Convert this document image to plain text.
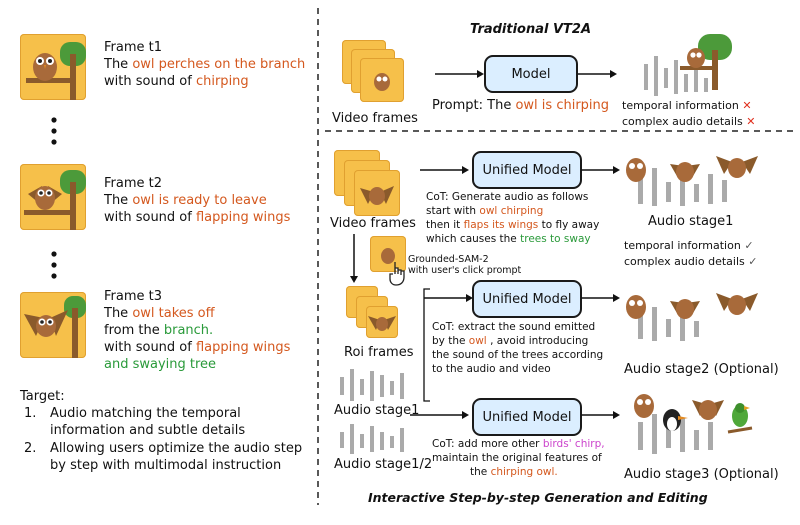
Frame t1
The owl perches on the branch
with sound of chirping
Frame t2
The owl is ready to leave
with sound of flapping wings
Frame t3
The owl takes off
from the branch.
with sound of flapping wings
and swaying tree
Target:
1. Audio matching the temporal
information and subtle details
2. Allowing users optimize the audio step
by step with multimodal instruction
Traditional VT2A
Video frames
Model
Prompt: The owl is chirping temporal information ✕
complex audio details ✕
Video frames
Grounded-SAM-2
with user's click prompt
Roi frames
Audio stage1
Audio stage1/2
Unified Model
CoT: Generate audio as follows
start with owl chirping
then it flaps its wings to fly away
which causes the trees to sway
Audio stage1
temporal information ✓
complex audio details ✓
Unified Model
CoT: extract the sound emitted
by the owl , avoid introducing
the sound of the trees according
to the audio and video	Audio stage2 (Optional)
Unified Model
CoT: add more other birds' chirp,
maintain the original features of
the chirping owl.	Audio stage3 (Optional)
Interactive Step-by-step Generation and Editing
